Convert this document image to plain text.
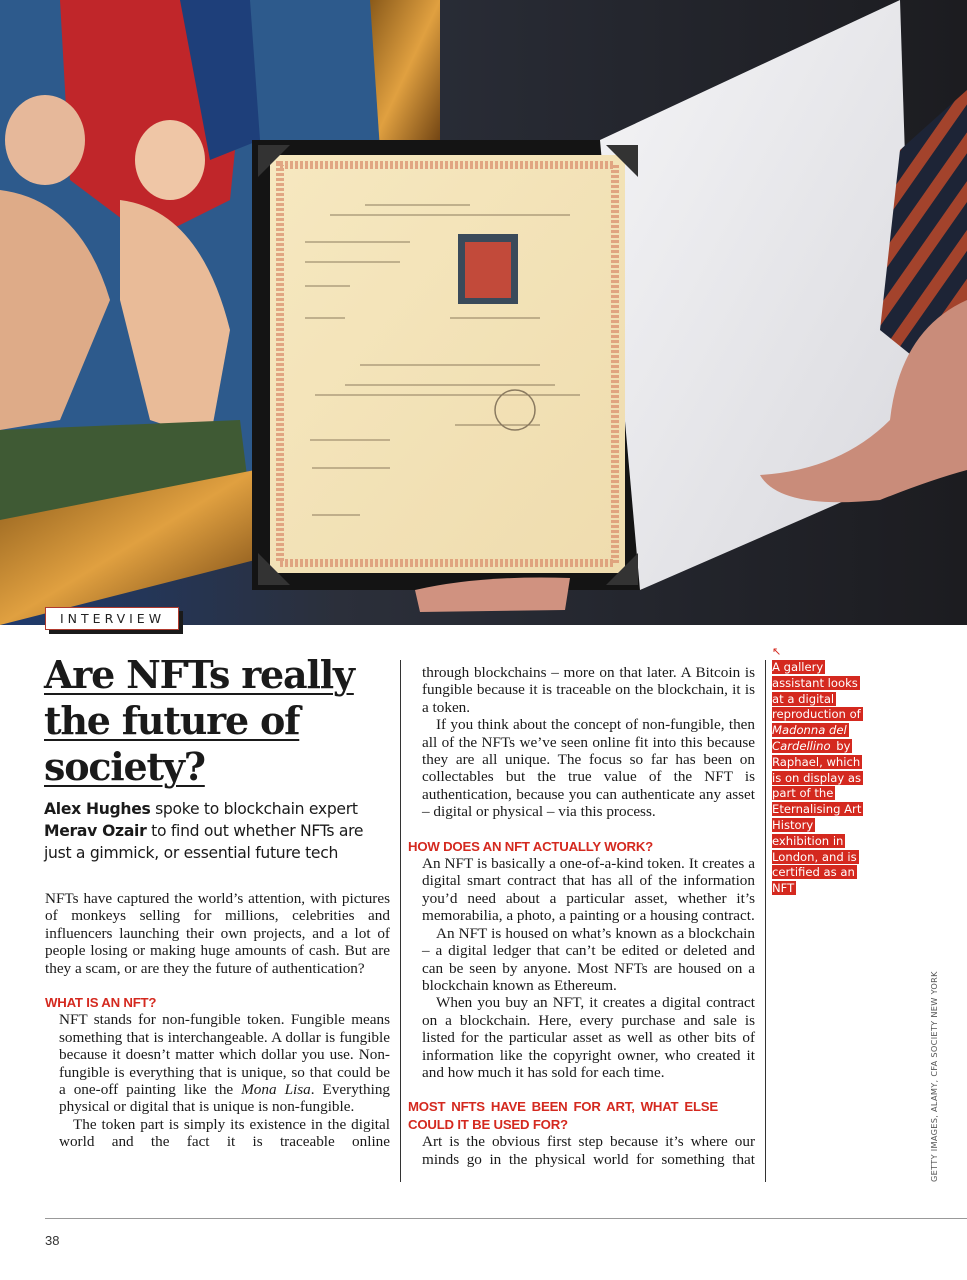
INTERVIEW
Are NFTs really the future of society?
Alex Hughes spoke to blockchain expert Merav Ozair to find out whether NFTs are just a gimmick, or essential future tech

NFTs have captured the world’s attention, with pictures of monkeys selling for millions, celebrities and influencers launching their own projects, and a lot of people losing or making huge amounts of cash. But are they a scam, or are they the future of authentication?

WHAT IS AN NFT?

NFT stands for non-fungible token. Fungible means something that is interchangeable. A dollar is fungible because it doesn’t matter which dollar you use. Non-fungible is everything that is unique, so that could be a one-off painting like the Mona Lisa. Everything physical or digital that is unique is non-fungible.

The token part is simply its existence in the digital world and the fact it is traceable online

through blockchains – more on that later. A Bitcoin is fungible because it is traceable on the blockchain, it is a token.

If you think about the concept of non-fungible, then all of the NFTs we’ve seen online fit into this because they are all unique. The focus so far has been on collectables but the true value of the NFT is authentication, because you can authenticate any asset – digital or physical – via this process.

HOW DOES AN NFT ACTUALLY WORK?

An NFT is basically a one-of-a-kind token. It creates a digital smart contract that has all of the information you’d need about a particular asset, whether it’s memorabilia, a photo, a painting or a housing contract.

An NFT is housed on what’s known as a blockchain – a digital ledger that can’t be edited or deleted and can be seen by anyone. Most NFTs are housed on a blockchain known as Ethereum.

When you buy an NFT, it creates a digital contract on a blockchain. Here, every purchase and sale is listed for the particular asset as well as other bits of information like the copyright owner, who created it and how much it has sold for each time.

MOST NFTS HAVE BEEN FOR ART, WHAT ELSE COULD IT BE USED FOR?

Art is the obvious first step because it’s where our minds go in the physical world for something that

↖
A gallery assistant looks at a digital reproduction of Madonna del Cardellino by Raphael, which is on display as part of the Eternalising Art History exhibition in London, and is certified as an NFT
GETTY IMAGES, ALAMY, CFA SOCIETY NEW YORK
38
